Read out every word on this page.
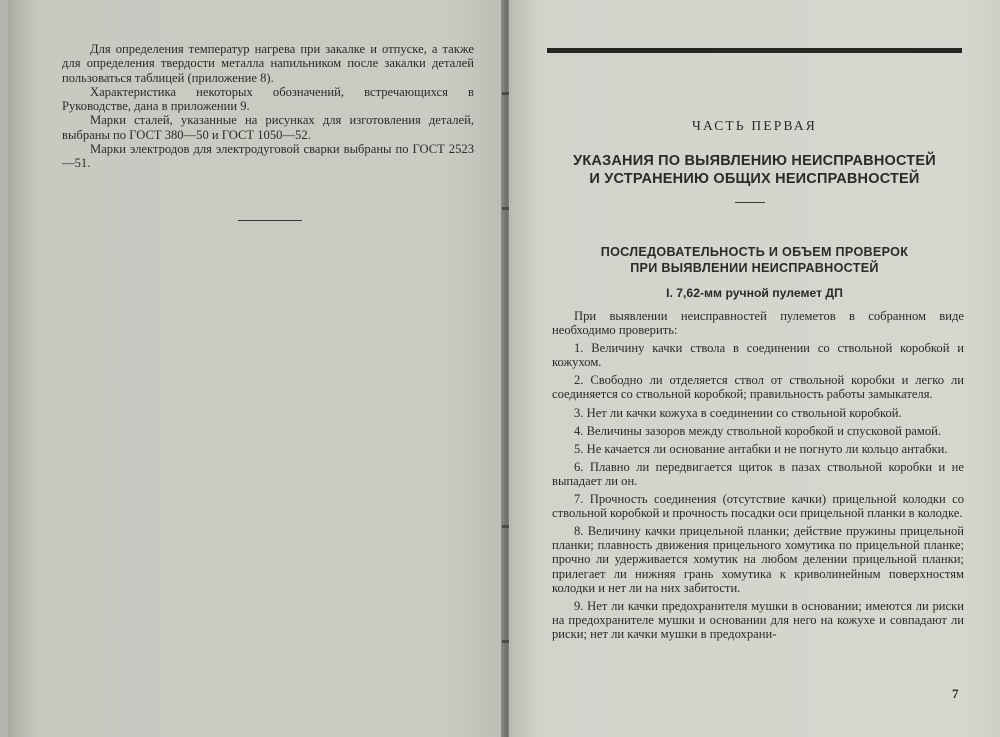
Для определения температур нагрева при закалке и отпуске, а также для определения твердости металла напильником после закалки деталей пользоваться таблицей (приложение 8).

Характеристика некоторых обозначений, встречающихся в Руководстве, дана в приложении 9.

Марки сталей, указанные на рисунках для изготовления деталей, выбраны по ГОСТ 380—50 и ГОСТ 1050—52.

Марки электродов для электродуговой сварки выбраны по ГОСТ 2523—51.

ЧАСТЬ ПЕРВАЯ
УКАЗАНИЯ ПО ВЫЯВЛЕНИЮ НЕИСПРАВНОСТЕЙ
И УСТРАНЕНИЮ ОБЩИХ НЕИСПРАВНОСТЕЙ
ПОСЛЕДОВАТЕЛЬНОСТЬ И ОБЪЕМ ПРОВЕРОК
ПРИ ВЫЯВЛЕНИИ НЕИСПРАВНОСТЕЙ
I. 7,62-мм ручной пулемет ДП

При выявлении неисправностей пулеметов в собранном виде необходимо проверить:

1. Величину качки ствола в соединении со ствольной коробкой и кожухом.

2. Свободно ли отделяется ствол от ствольной коробки и легко ли соединяется со ствольной коробкой; правильность работы замыкателя.

3. Нет ли качки кожуха в соединении со ствольной коробкой.

4. Величины зазоров между ствольной коробкой и спусковой рамой.

5. Не качается ли основание антабки и не погнуто ли кольцо антабки.

6. Плавно ли передвигается щиток в пазах ствольной коробки и не выпадает ли он.

7. Прочность соединения (отсутствие качки) прицельной колодки со ствольной коробкой и прочность посадки оси прицельной планки в колодке.

8. Величину качки прицельной планки; действие пружины прицельной планки; плавность движения прицельного хомутика по прицельной планке; прочно ли удерживается хомутик на любом делении прицельной планки; прилегает ли нижняя грань хомутика к криволинейным поверхностям колодки и нет ли на них забитости.

9. Нет ли качки предохранителя мушки в основании; имеются ли риски на предохранителе мушки и основании для него на кожухе и совпадают ли риски; нет ли качки мушки в предохрани-

7
